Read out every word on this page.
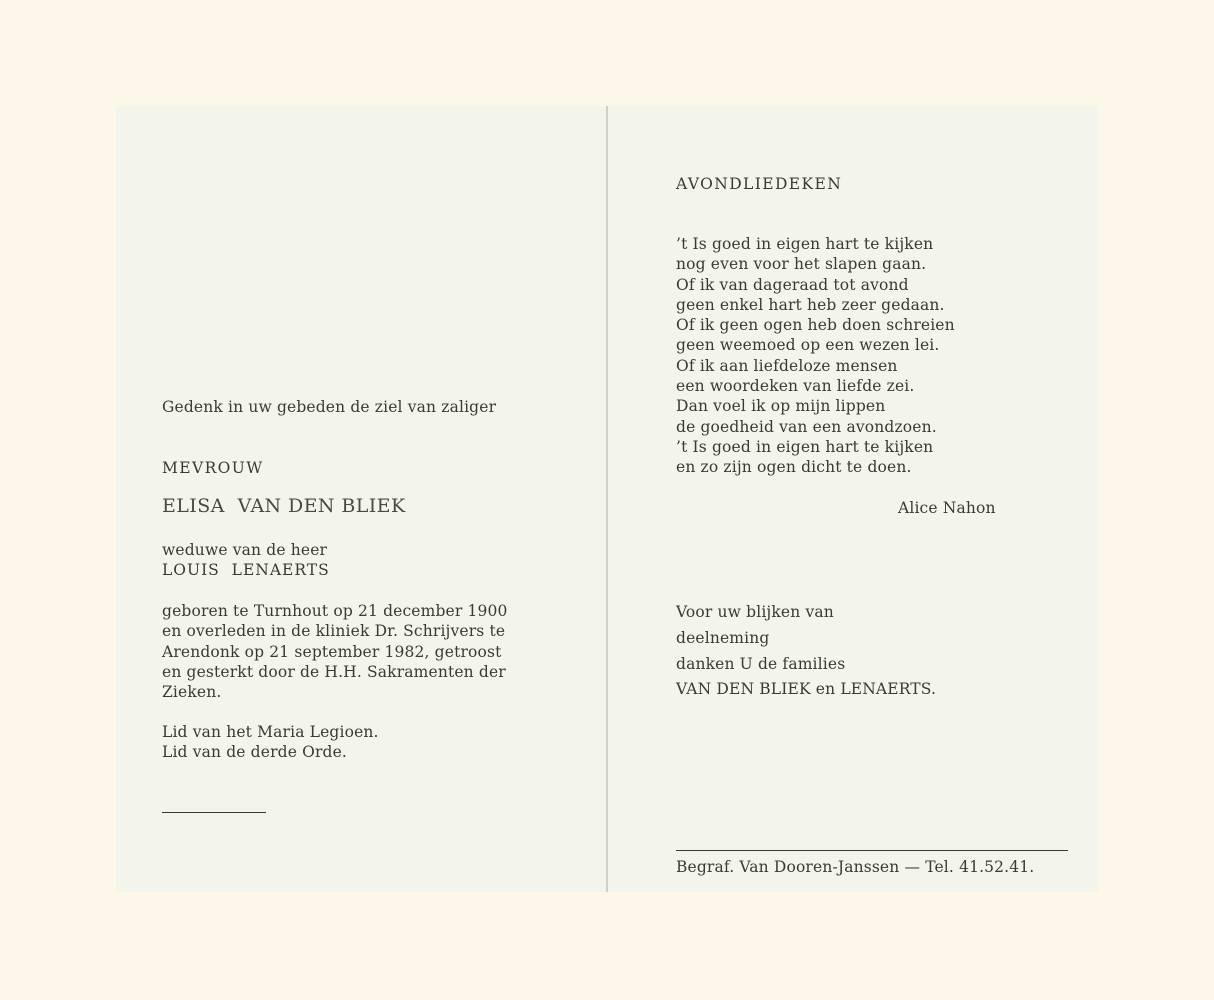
Gedenk in uw gebeden de ziel van zaliger
MEVROUW
ELISA  VAN DEN BLIEK
weduwe van de heer
LOUIS  LENAERTS
geboren te Turnhout op 21 december 1900
en overleden in de kliniek Dr. Schrijvers te
Arendonk op 21 september 1982, getroost
en gesterkt door de H.H. Sakramenten der
Zieken.
Lid van het Maria Legioen.
Lid van de derde Orde.
AVONDLIEDEKEN
’t Is goed in eigen hart te kijken
nog even voor het slapen gaan.
Of ik van dageraad tot avond
geen enkel hart heb zeer gedaan.
Of ik geen ogen heb doen schreien
geen weemoed op een wezen lei.
Of ik aan liefdeloze mensen
een woordeken van liefde zei.
Dan voel ik op mijn lippen
de goedheid van een avondzoen.
’t Is goed in eigen hart te kijken
en zo zijn ogen dicht te doen.
Alice Nahon
Voor uw blijken van
deelneming
danken U de families
VAN DEN BLIEK en LENAERTS.
Begraf. Van Dooren-Janssen — Tel. 41.52.41.
